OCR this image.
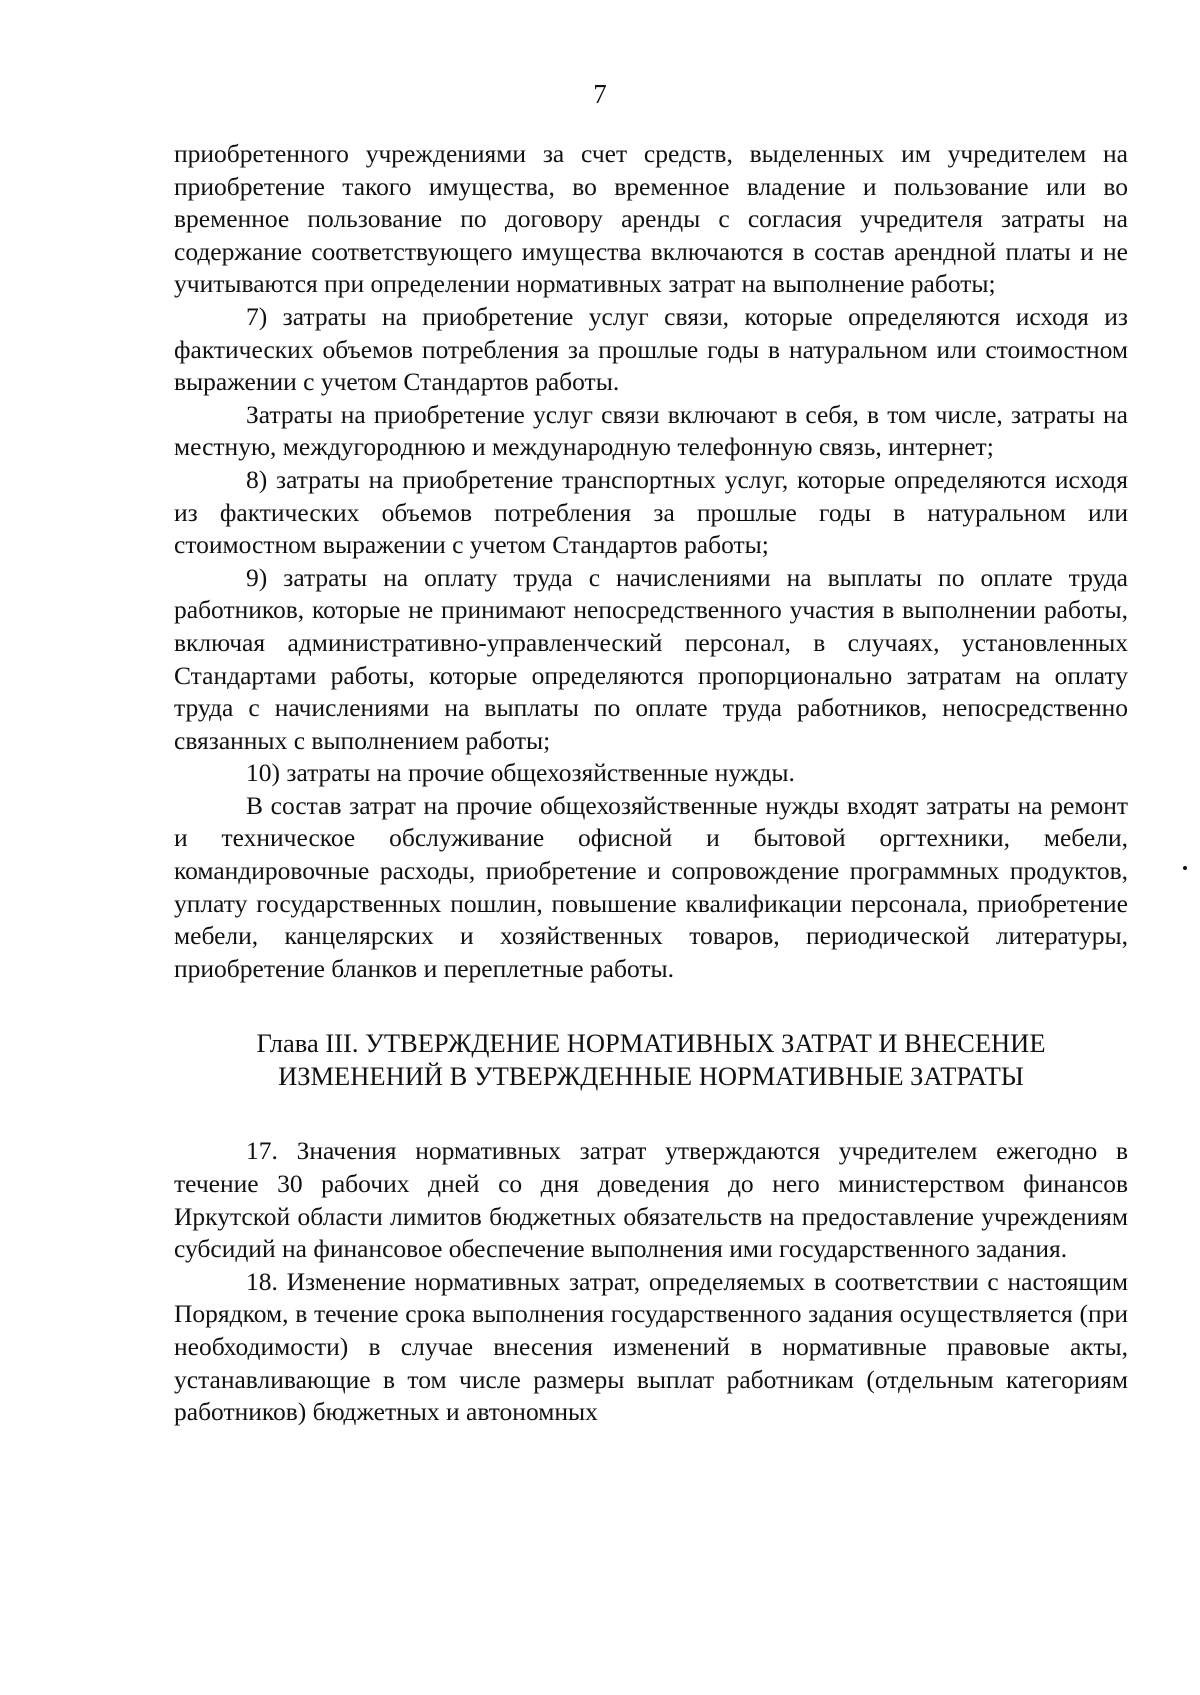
7

приобретенного учреждениями за счет средств, выделенных им учредителем на приобретение такого имущества, во временное владение и пользование или во временное пользование по договору аренды с согласия учредителя затраты на содержание соответствующего имущества включаются в состав арендной платы и не учитываются при определении нормативных затрат на выполнение работы;

7) затраты на приобретение услуг связи, которые определяются исходя из фактических объемов потребления за прошлые годы в натуральном или стоимостном выражении с учетом Стандартов работы.

Затраты на приобретение услуг связи включают в себя, в том числе, затраты на местную, междугороднюю и международную телефонную связь, интернет;

8) затраты на приобретение транспортных услуг, которые определяются исходя из фактических объемов потребления за прошлые годы в натуральном или стоимостном выражении с учетом Стандартов работы;

9) затраты на оплату труда с начислениями на выплаты по оплате труда работников, которые не принимают непосредственного участия в выполнении работы, включая административно-управленческий персонал, в случаях, установленных Стандартами работы, которые определяются пропорционально затратам на оплату труда с начислениями на выплаты по оплате труда работников, непосредственно связанных с выполнением работы;

10) затраты на прочие общехозяйственные нужды.

В состав затрат на прочие общехозяйственные нужды входят затраты на ремонт и техническое обслуживание офисной и бытовой оргтехники, мебели, командировочные расходы, приобретение и сопровождение программных продуктов, уплату государственных пошлин, повышение квалификации персонала, приобретение мебели, канцелярских и хозяйственных товаров, периодической литературы, приобретение бланков и переплетные работы.

Глава III. УТВЕРЖДЕНИЕ НОРМАТИВНЫХ ЗАТРАТ И ВНЕСЕНИЕ
ИЗМЕНЕНИЙ В УТВЕРЖДЕННЫЕ НОРМАТИВНЫЕ ЗАТРАТЫ

17. Значения нормативных затрат утверждаются учредителем ежегодно в течение 30 рабочих дней со дня доведения до него министерством финансов Иркутской области лимитов бюджетных обязательств на предоставление учреждениям субсидий на финансовое обеспечение выполнения ими государственного задания.

18. Изменение нормативных затрат, определяемых в соответствии с настоящим Порядком, в течение срока выполнения государственного задания осуществляется (при необходимости) в случае внесения изменений в нормативные правовые акты, устанавливающие в том числе размеры выплат работникам (отдельным категориям работников) бюджетных и автономных
